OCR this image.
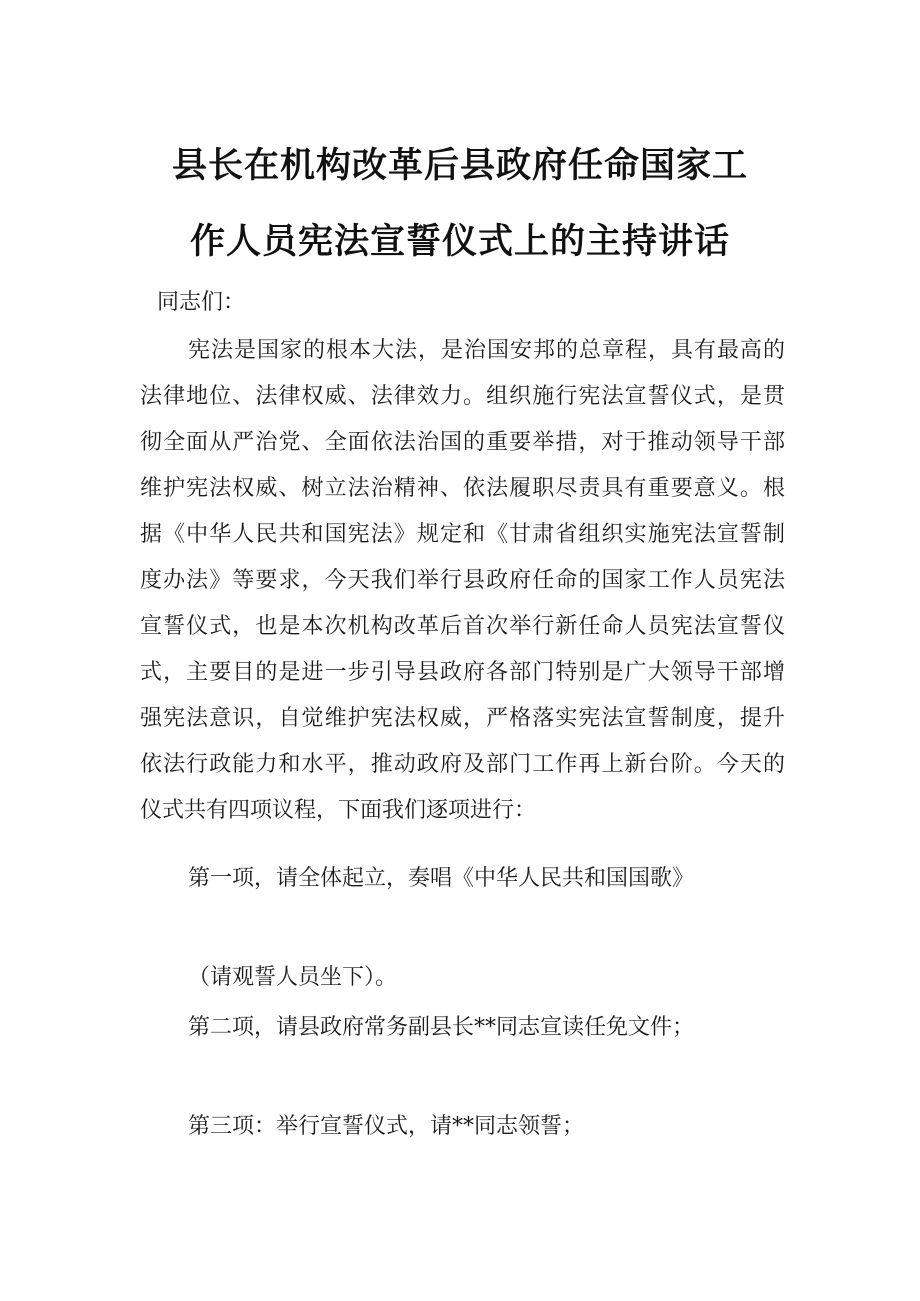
县长在机构改革后县政府任命国家工
作人员宪法宣誓仪式上的主持讲话
同志们：
宪法是国家的根本大法，是治国安邦的总章程，具有最高的
法律地位、法律权威、法律效力。组织施行宪法宣誓仪式，是贯
彻全面从严治党、全面依法治国的重要举措，对于推动领导干部
维护宪法权威、树立法治精神、依法履职尽责具有重要意义。根
据《中华人民共和国宪法》规定和《甘肃省组织实施宪法宣誓制
度办法》等要求，今天我们举行县政府任命的国家工作人员宪法
宣誓仪式，也是本次机构改革后首次举行新任命人员宪法宣誓仪
式，主要目的是进一步引导县政府各部门特别是广大领导干部增
强宪法意识，自觉维护宪法权威，严格落实宪法宣誓制度，提升
依法行政能力和水平，推动政府及部门工作再上新台阶。今天的
仪式共有四项议程，下面我们逐项进行：
第一项，请全体起立，奏唱《中华人民共和国国歌》
（请观誓人员坐下）。
第二项，请县政府常务副县长**同志宣读任免文件；
第三项：举行宣誓仪式，请**同志领誓；
